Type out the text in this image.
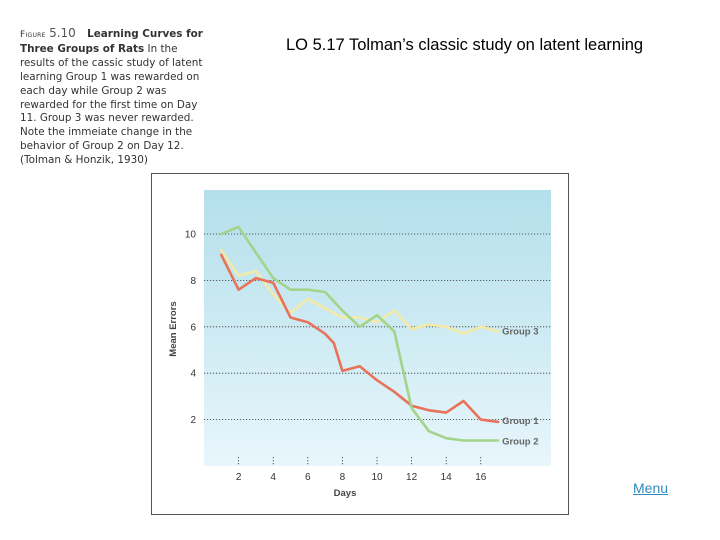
Figure 5.10 Learning Curves for Three Groups of Rats In the results of the cassic study of latent learning Group 1 was rewarded on each day while Group 2 was rewarded for the first time on Day 11. Group 3 was never rewarded. Note the immeiate change in the behavior of Group 2 on Day 12. (Tolman & Honzik, 1930)
LO 5.17 Tolman’s classic study on latent learning
2
4
6
8
10
2	4	6	8	10 12 14 16
Group 1
Group 2
Group 3
Days
Mean Errors
Menu
